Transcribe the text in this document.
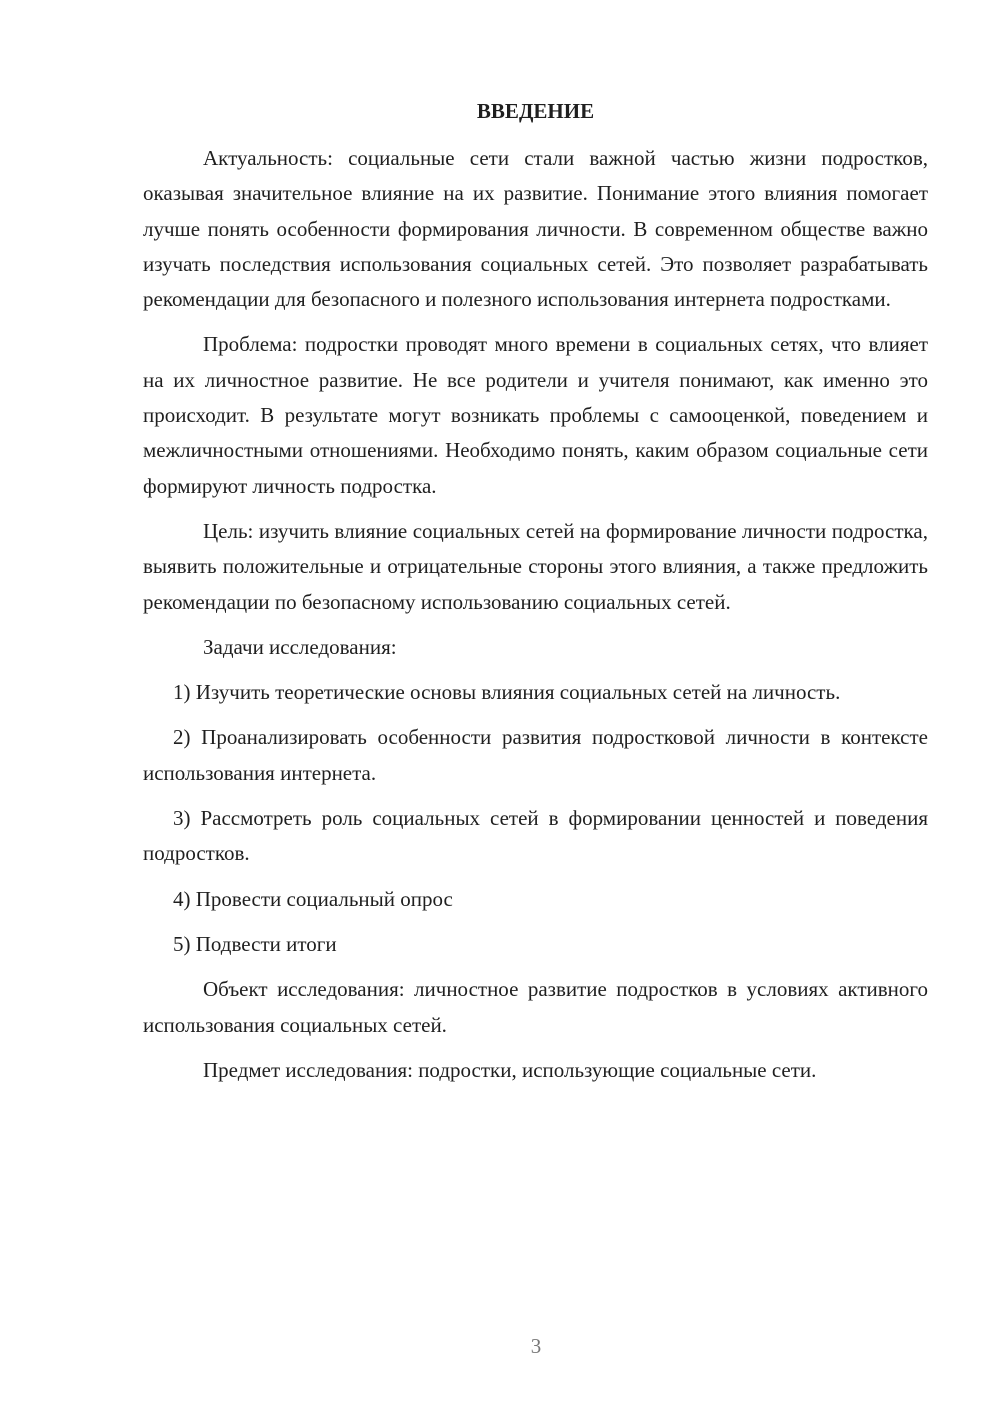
ВВЕДЕНИЕ

Актуальность: социальные сети стали важной частью жизни подростков, оказывая значительное влияние на их развитие. Понимание этого влияния помогает лучше понять особенности формирования личности. В современном обществе важно изучать последствия использования социальных сетей. Это позволяет разрабатывать рекомендации для безопасного и полезного использования интернета подростками.

Проблема: подростки проводят много времени в социальных сетях, что влияет на их личностное развитие. Не все родители и учителя понимают, как именно это происходит. В результате могут возникать проблемы с самооценкой, поведением и межличностными отношениями. Необходимо понять, каким образом социальные сети формируют личность подростка.

Цель: изучить влияние социальных сетей на формирование личности подростка, выявить положительные и отрицательные стороны этого влияния, а также предложить рекомендации по безопасному использованию социальных сетей.

Задачи исследования:

1) Изучить теоретические основы влияния социальных сетей на личность.

2) Проанализировать особенности развития подростковой личности в контексте использования интернета.

3) Рассмотреть роль социальных сетей в формировании ценностей и поведения подростков.

4) Провести социальный опрос

5) Подвести итоги

Объект исследования: личностное развитие подростков в условиях активного использования социальных сетей.

Предмет исследования: подростки, использующие социальные сети.

3
